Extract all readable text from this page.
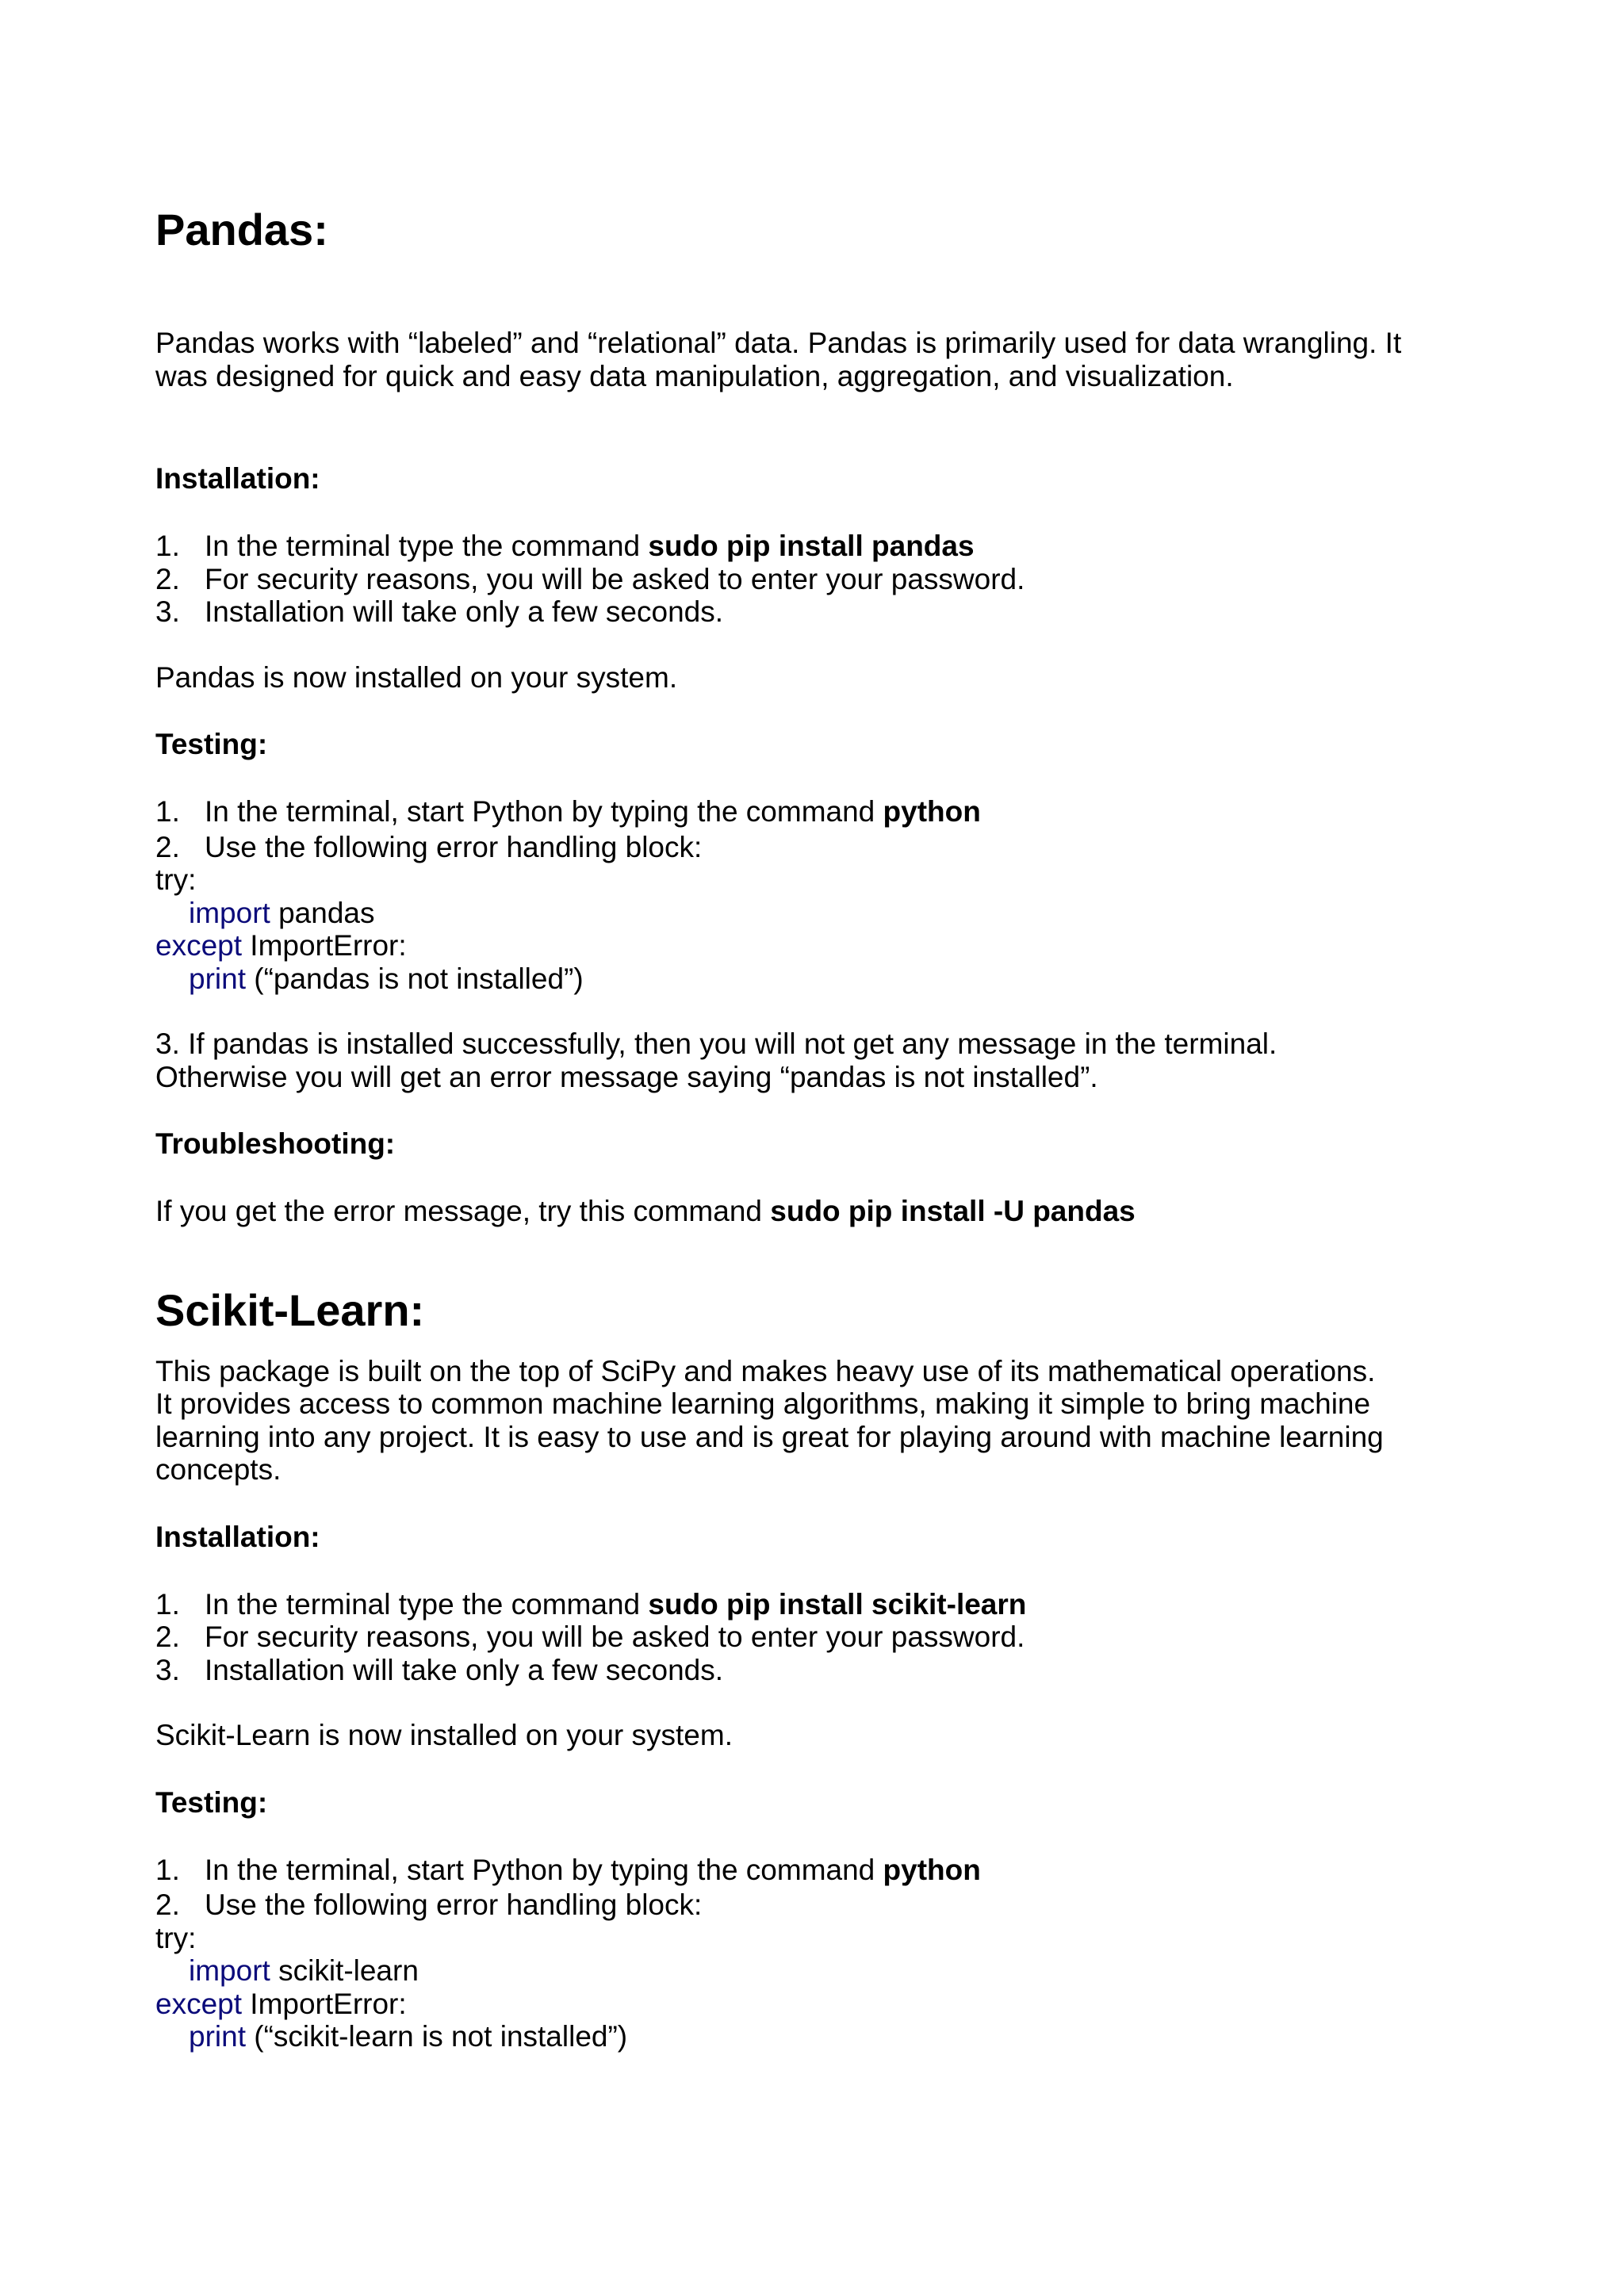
Pandas:
Pandas works with “labeled” and “relational” data. Pandas is primarily used for data wrangling. It
was designed for quick and easy data manipulation, aggregation, and visualization.
Installation:
1. In the terminal type the command sudo pip install pandas
2. For security reasons, you will be asked to enter your password.
3. Installation will take only a few seconds.
Pandas is now installed on your system.
Testing:
1. In the terminal, start Python by typing the command python
2. Use the following error handling block:
try:
import pandas
except ImportError:
print (“pandas is not installed”)
3. If pandas is installed successfully, then you will not get any message in the terminal.
Otherwise you will get an error message saying “pandas is not installed”.
Troubleshooting:
If you get the error message, try this command sudo pip install -U pandas
Scikit-Learn:
This package is built on the top of SciPy and makes heavy use of its mathematical operations.
It provides access to common machine learning algorithms, making it simple to bring machine
learning into any project. It is easy to use and is great for playing around with machine learning
concepts.
Installation:
1. In the terminal type the command sudo pip install scikit-learn
2. For security reasons, you will be asked to enter your password.
3. Installation will take only a few seconds.
Scikit-Learn is now installed on your system.
Testing:
1. In the terminal, start Python by typing the command python
2. Use the following error handling block:
try:
import scikit-learn
except ImportError:
print (“scikit-learn is not installed”)
